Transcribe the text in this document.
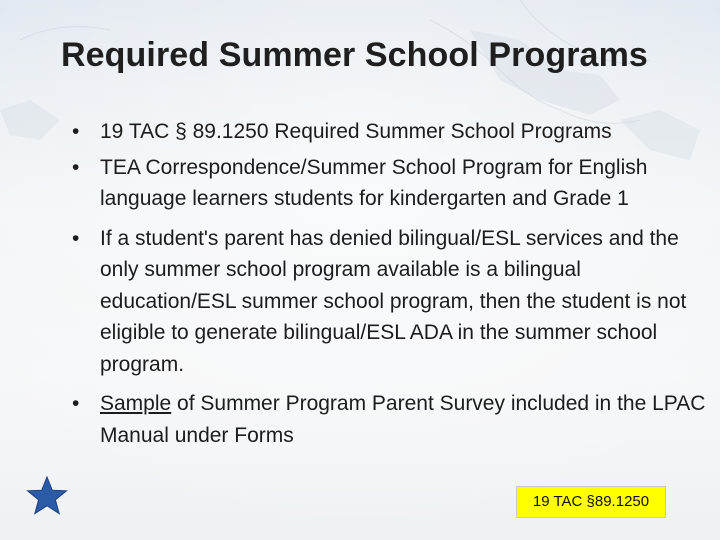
Required Summer School Programs
• 19 TAC § 89.1250 Required Summer School Programs
• TEA Correspondence/Summer School Program for English language learners students for kindergarten and Grade 1
• If a student's parent has denied bilingual/ESL services and the only summer school program available is a bilingual education/ESL summer school program, then the student is not eligible to generate bilingual/ESL ADA in the summer school program.
• Sample of Summer Program Parent Survey included in the LPAC Manual under Forms
19 TAC §89.1250
